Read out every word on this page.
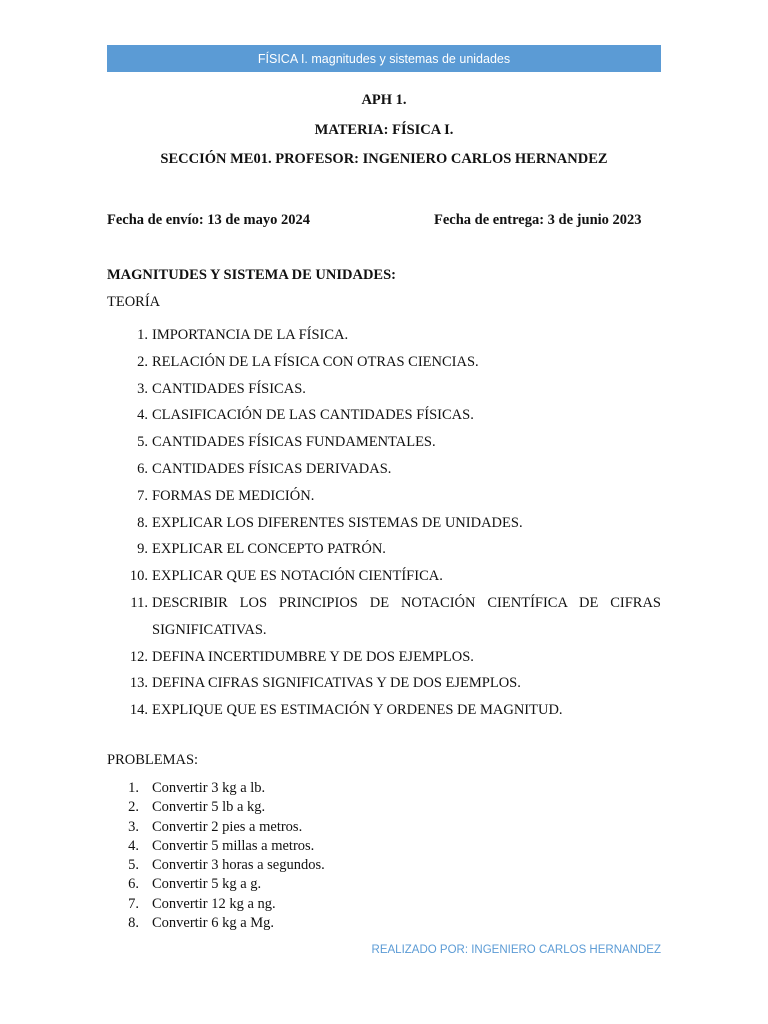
FÍSICA I. magnitudes y sistemas de unidades
APH 1.
MATERIA: FÍSICA I.
SECCIÓN ME01. PROFESOR: INGENIERO CARLOS HERNANDEZ
Fecha de envío: 13 de mayo 2024	Fecha de entrega: 3 de junio 2023
MAGNITUDES Y SISTEMA DE UNIDADES:
TEORÍA
1. IMPORTANCIA DE LA FÍSICA.
2. RELACIÓN DE LA FÍSICA CON OTRAS CIENCIAS.
3. CANTIDADES FÍSICAS.
4. CLASIFICACIÓN DE LAS CANTIDADES FÍSICAS.
5. CANTIDADES FÍSICAS FUNDAMENTALES.
6. CANTIDADES FÍSICAS DERIVADAS.
7. FORMAS DE MEDICIÓN.
8. EXPLICAR LOS DIFERENTES SISTEMAS DE UNIDADES.
9. EXPLICAR EL CONCEPTO PATRÓN.
10. EXPLICAR QUE ES NOTACIÓN CIENTÍFICA.
11. DESCRIBIR LOS PRINCIPIOS DE NOTACIÓN CIENTÍFICA DE CIFRAS SIGNIFICATIVAS.
12. DEFINA INCERTIDUMBRE Y DE DOS EJEMPLOS.
13. DEFINA CIFRAS SIGNIFICATIVAS Y DE DOS EJEMPLOS.
14. EXPLIQUE QUE ES ESTIMACIÓN Y ORDENES DE MAGNITUD.
PROBLEMAS:
1. Convertir 3 kg a lb.
2. Convertir 5 lb a kg.
3. Convertir 2 pies a metros.
4. Convertir 5 millas a metros.
5. Convertir 3 horas a segundos.
6. Convertir 5 kg a g.
7. Convertir 12 kg a ng.
8. Convertir 6 kg a Mg.
REALIZADO POR: INGENIERO CARLOS HERNANDEZ
